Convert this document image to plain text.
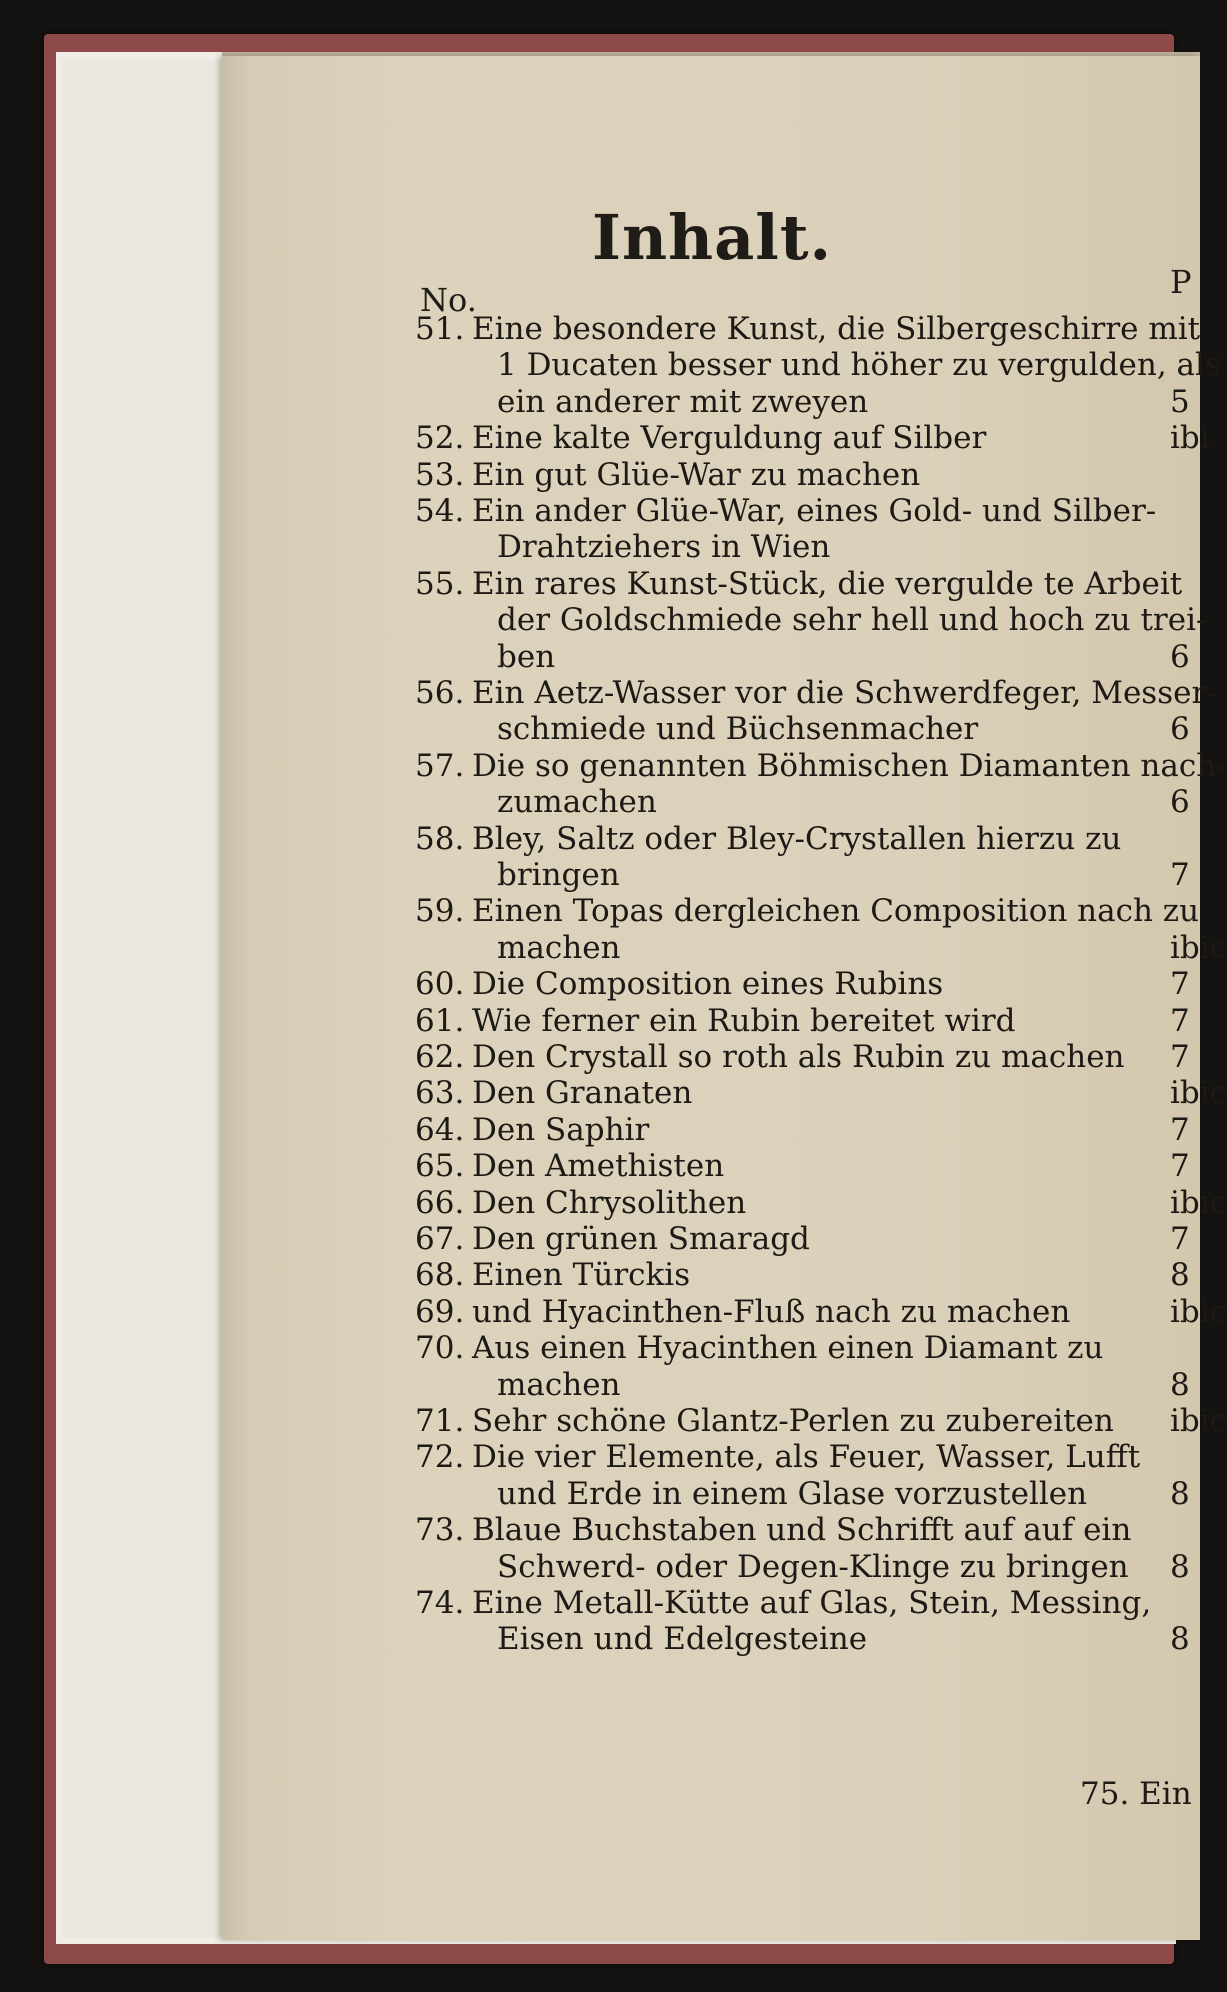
Inhalt.
No.	P
51. Eine besondere Kunst, die Silbergeschirre mit
1 Ducaten besser und höher zu vergulden, als
ein anderer mit zweyen	5
52. Eine kalte Verguldung auf Silber	ibi
53. Ein gut Glüe-War zu machen
54. Ein ander Glüe-War, eines Gold- und Silber-
Drahtziehers in Wien
55. Ein rares Kunst-Stück, die vergulde te Arbeit
der Goldschmiede sehr hell und hoch zu trei-
ben	6
56. Ein Aetz-Wasser vor die Schwerdfeger, Messer-
schmiede und Büchsenmacher	6
57. Die so genannten Böhmischen Diamanten nach-
zumachen	6
58. Bley, Saltz oder Bley-Crystallen hierzu zu
bringen	7
59. Einen Topas dergleichen Composition nach zu
machen	ibic
60. Die Composition eines Rubins	7
61. Wie ferner ein Rubin bereitet wird	7
62. Den Crystall so roth als Rubin zu machen 7
63. Den Granaten	ibic
64. Den Saphir	7
65. Den Amethisten	7
66. Den Chrysolithen	ibic
67. Den grünen Smaragd	7
68. Einen Türckis	8
69. und Hyacinthen-Fluß nach zu machen	ibic
70. Aus einen Hyacinthen einen Diamant zu
machen	8
71. Sehr schöne Glantz-Perlen zu zubereiten ibic
72. Die vier Elemente, als Feuer, Wasser, Lufft
und Erde in einem Glase vorzustellen	8
73. Blaue Buchstaben und Schrifft auf auf ein
Schwerd- oder Degen-Klinge zu bringen 8
74. Eine Metall-Kütte auf Glas, Stein, Messing,
Eisen und Edelgesteine	8
75. Ein
